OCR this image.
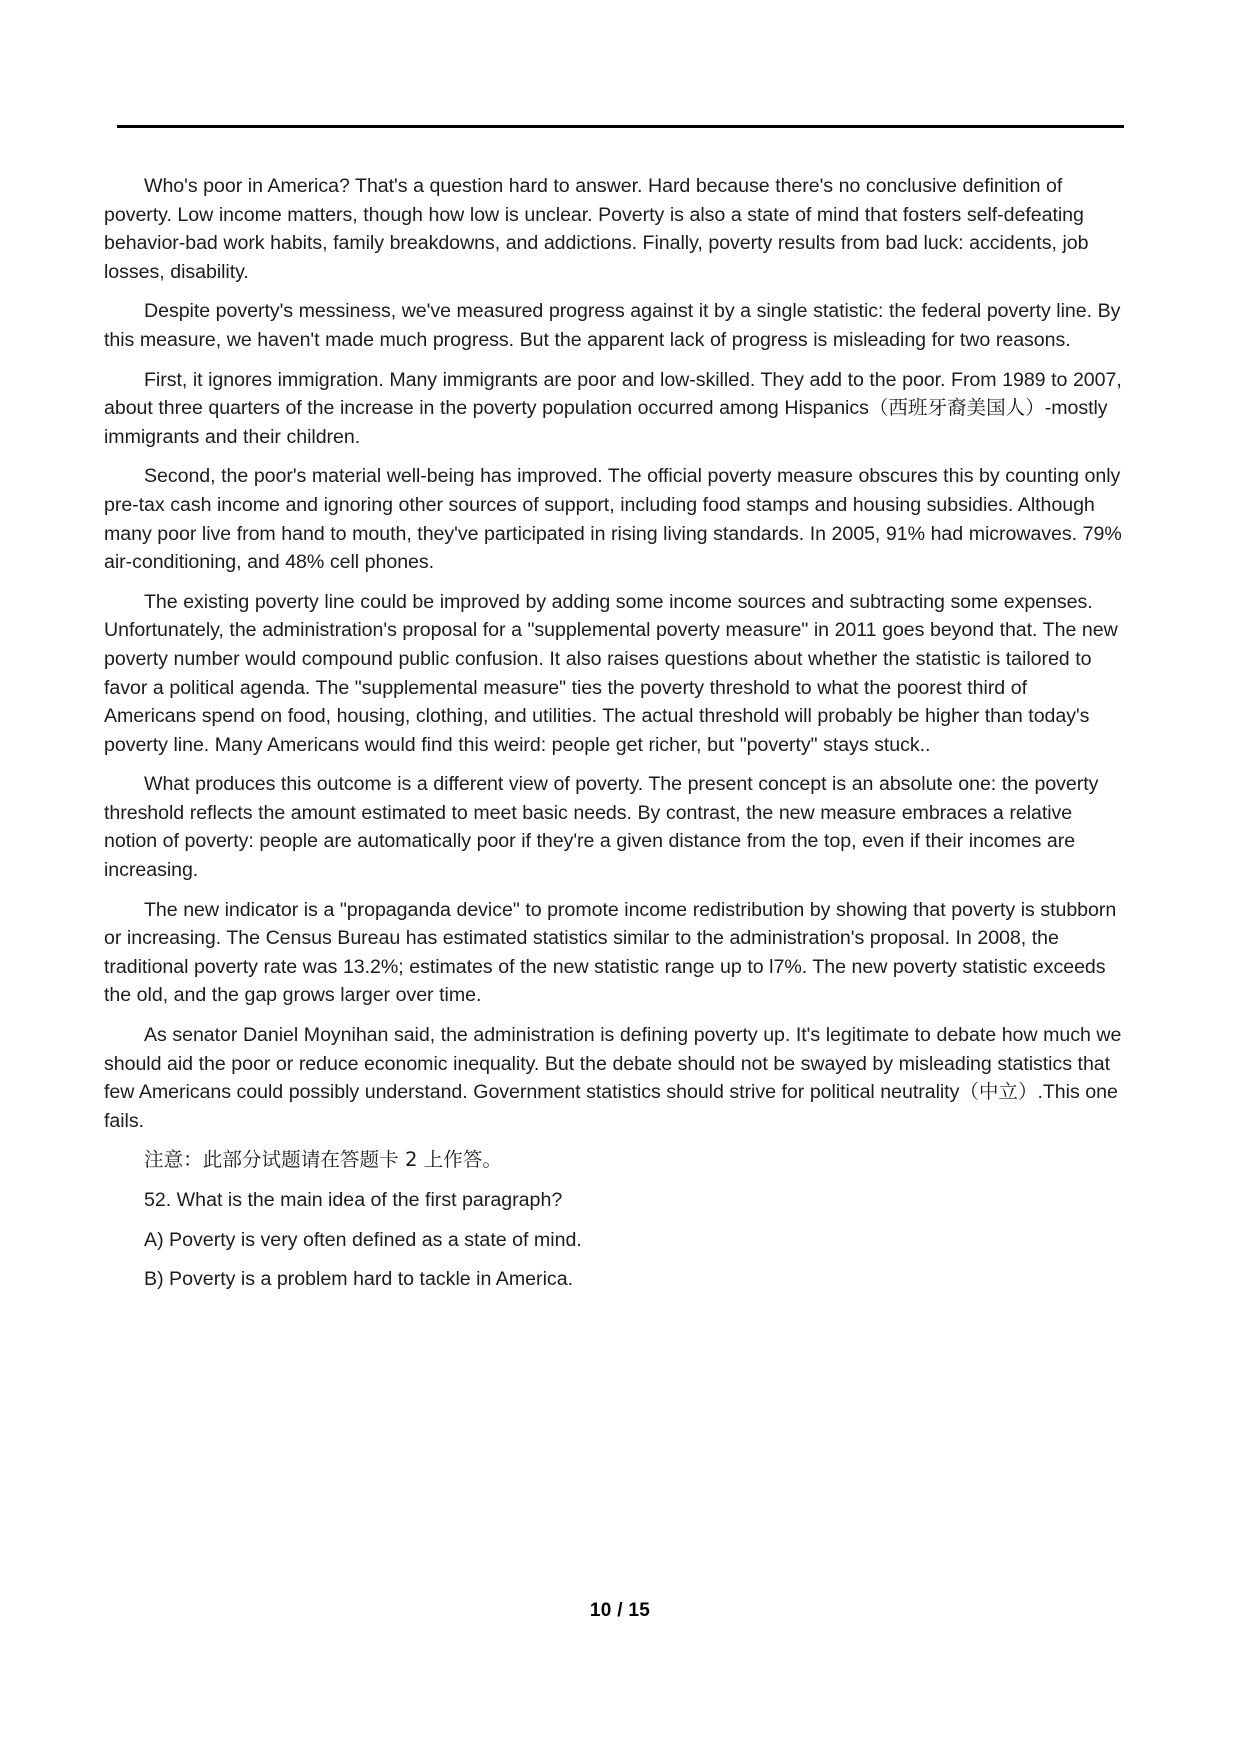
Who's poor in America? That's a question hard to answer. Hard because there's no conclusive definition of poverty. Low income matters, though how low is unclear. Poverty is also a state of mind that fosters self-defeating behavior-bad work habits, family breakdowns, and addictions. Finally, poverty results from bad luck: accidents, job losses, disability.

Despite poverty's messiness, we've measured progress against it by a single statistic: the federal poverty line. By this measure, we haven't made much progress. But the apparent lack of progress is misleading for two reasons.

First, it ignores immigration. Many immigrants are poor and low-skilled. They add to the poor. From 1989 to 2007, about three quarters of the increase in the poverty population occurred among Hispanics（西班牙裔美国人）-mostly immigrants and their children.

Second, the poor's material well-being has improved. The official poverty measure obscures this by counting only pre-tax cash income and ignoring other sources of support, including food stamps and housing subsidies. Although many poor live from hand to mouth, they've participated in rising living standards. In 2005, 91% had microwaves. 79% air-conditioning, and 48% cell phones.

The existing poverty line could be improved by adding some income sources and subtracting some expenses. Unfortunately, the administration's proposal for a "supplemental poverty measure" in 2011 goes beyond that. The new poverty number would compound public confusion. It also raises questions about whether the statistic is tailored to favor a political agenda. The "supplemental measure" ties the poverty threshold to what the poorest third of Americans spend on food, housing, clothing, and utilities. The actual threshold will probably be higher than today's poverty line. Many Americans would find this weird: people get richer, but "poverty" stays stuck..

What produces this outcome is a different view of poverty. The present concept is an absolute one: the poverty threshold reflects the amount estimated to meet basic needs. By contrast, the new measure embraces a relative notion of poverty: people are automatically poor if they're a given distance from the top, even if their incomes are increasing.

The new indicator is a "propaganda device" to promote income redistribution by showing that poverty is stubborn or increasing. The Census Bureau has estimated statistics similar to the administration's proposal. In 2008, the traditional poverty rate was 13.2%; estimates of the new statistic range up to l7%. The new poverty statistic exceeds the old, and the gap grows larger over time.

As senator Daniel Moynihan said, the administration is defining poverty up. It's legitimate to debate how much we should aid the poor or reduce economic inequality. But the debate should not be swayed by misleading statistics that few Americans could possibly understand. Government statistics should strive for political neutrality（中立）.This one fails.

注意：此部分试题请在答题卡 2 上作答。

52. What is the main idea of the first paragraph?

A) Poverty is very often defined as a state of mind.

B) Poverty is a problem hard to tackle in America.

10 / 15
